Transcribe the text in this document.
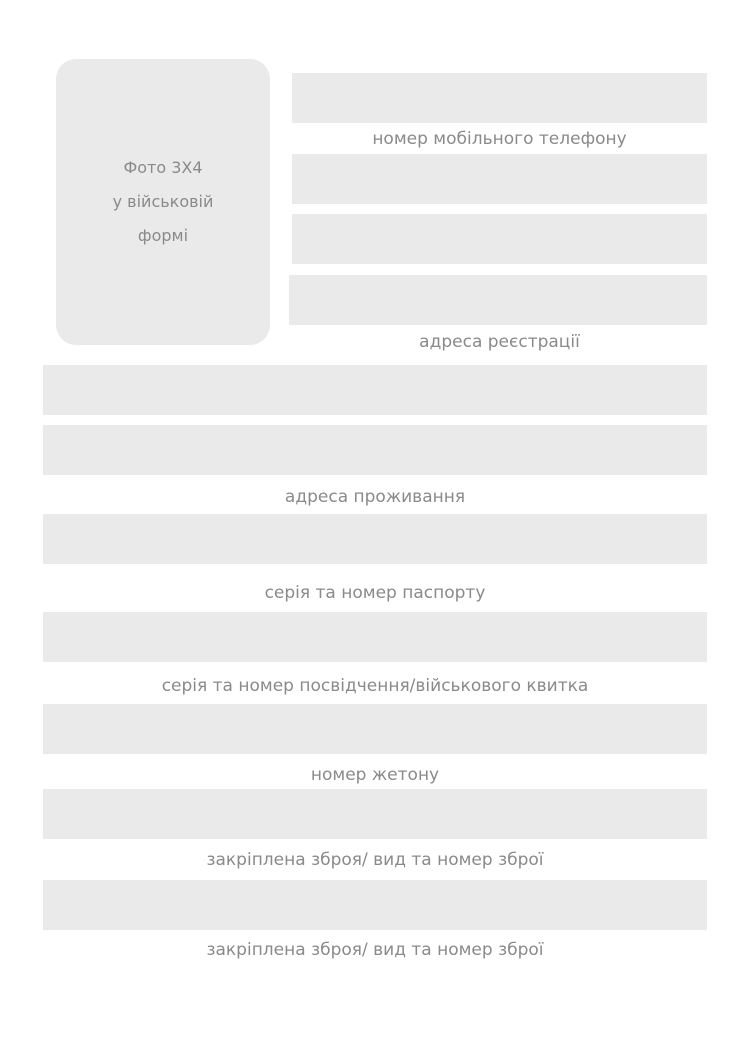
Фото 3Х4
у військовій
формі
номер мобільного телефону
адреса реєстрації
адреса проживання
серія та номер паспорту
серія та номер посвідчення/військового квитка
номер жетону
закріплена зброя/ вид та номер зброї
закріплена зброя/ вид та номер зброї
